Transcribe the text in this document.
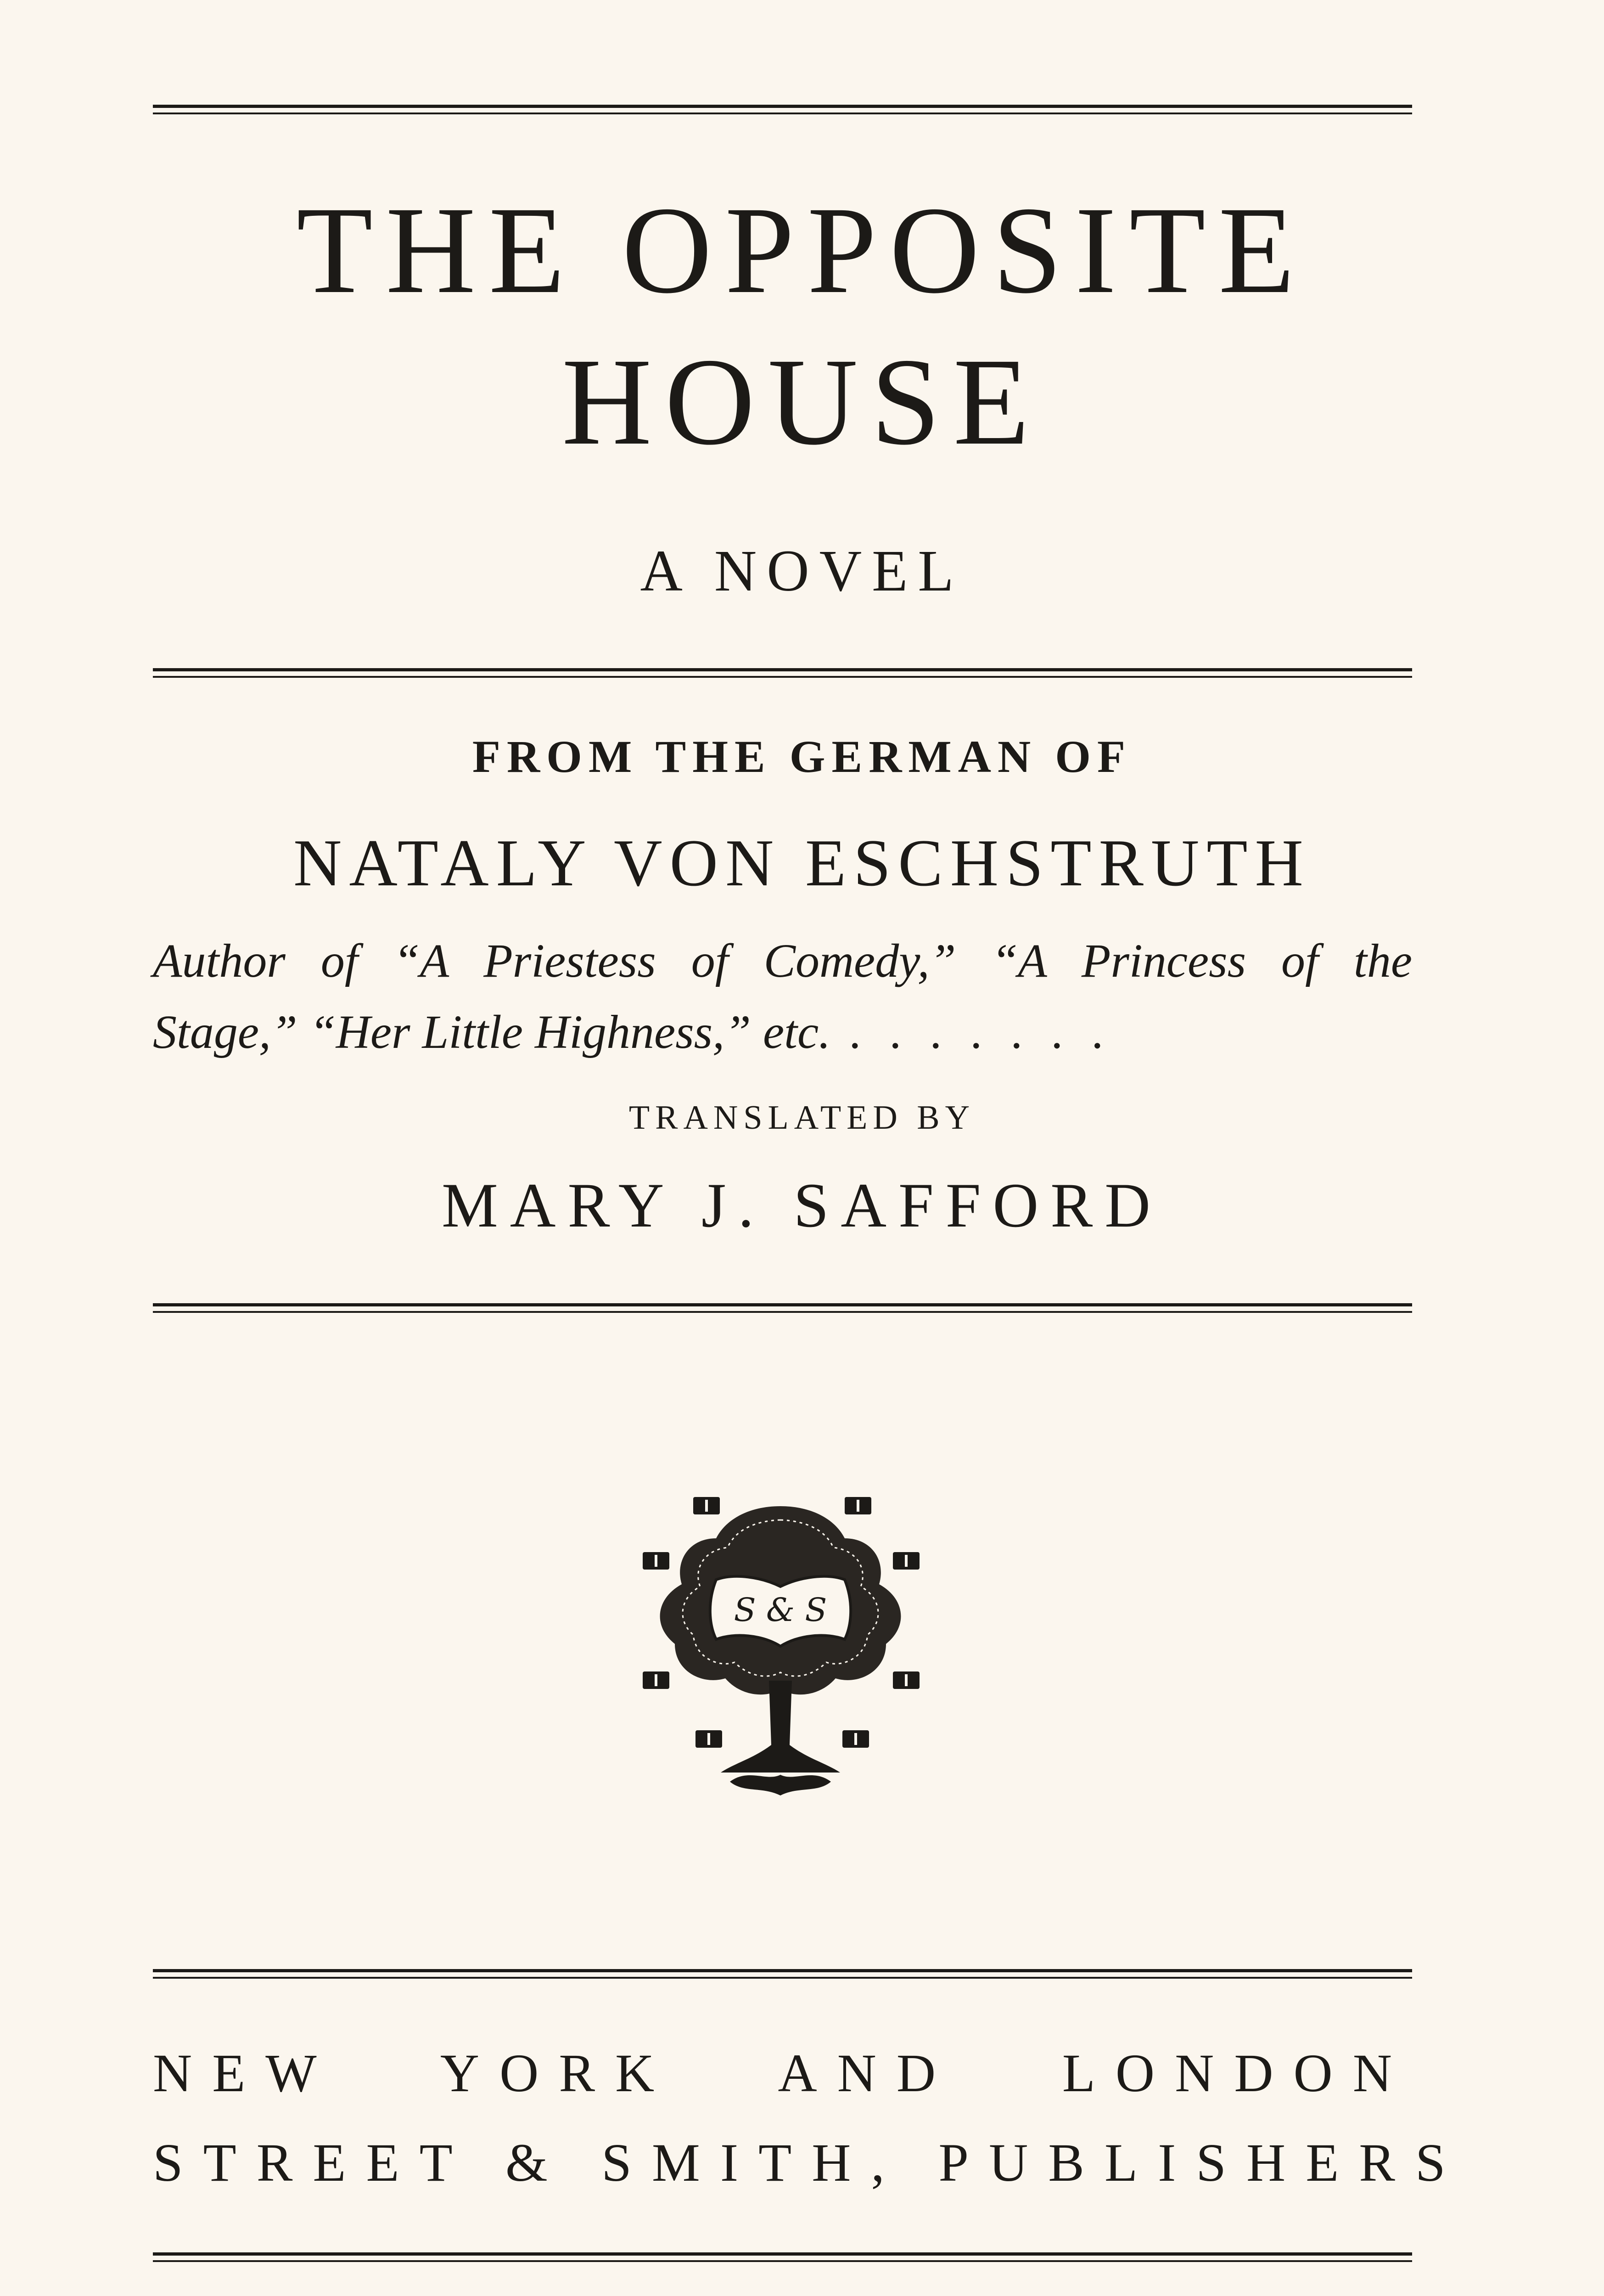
THE OPPOSITE
HOUSE
A NOVEL
FROM THE GERMAN OF
NATALY VON ESCHSTRUTH
Author of “A Priestess of Comedy,” “A Princess of the
Stage,” “Her Little Highness,” etc. .......
TRANSLATED BY
MARY J. SAFFORD
S & S
NEW YORK AND LONDON
STREET & SMITH, PUBLISHERS
